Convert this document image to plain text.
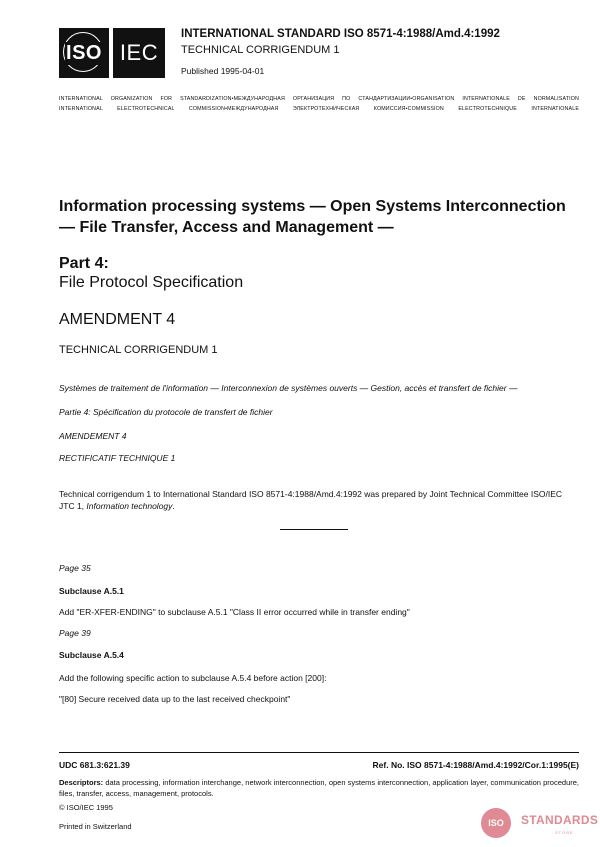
ISO IEC
INTERNATIONAL STANDARD ISO 8571-4:1988/Amd.4:1992
TECHNICAL CORRIGENDUM 1
Published 1995-04-01
INTERNATIONAL ORGANIZATION FOR STANDARDIZATION•МЕЖДУНАРОДНАЯ ОРГАНИЗАЦИЯ ПО СТАНДАРТИЗАЦИИ•ORGANISATION INTERNATIONALE DE NORMALISATION
INTERNATIONAL ELECTROTECHNICAL COMMISSION•МЕЖДУНАРОДНАЯ ЭЛЕКТРОТЕХНИЧЕСКАЯ КОМИССИЯ•COMMISSION ELECTROTECHNIQUE INTERNATIONALE
Information processing systems — Open Systems Interconnection — File Transfer, Access and Management —
Part 4:
File Protocol Specification
AMENDMENT 4
TECHNICAL CORRIGENDUM 1
Systèmes de traitement de l'information — Interconnexion de systèmes ouverts — Gestion, accès et transfert de fichier —
Partie 4: Spécification du protocole de transfert de fichier
AMENDEMENT 4
RECTIFICATIF TECHNIQUE 1
Technical corrigendum 1 to International Standard ISO 8571-4:1988/Amd.4:1992 was prepared by Joint Technical Committee ISO/IEC JTC 1, Information technology.
Page 35
Subclause A.5.1
Add "ER-XFER-ENDING" to subclause A.5.1 "Class II error occurred while in transfer ending"
Page 39
Subclause A.5.4
Add the following specific action to subclause A.5.4 before action [200]:
"[80] Secure received data up to the last received checkpoint"
UDC 681.3:621.39	Ref. No. ISO 8571-4:1988/Amd.4:1992/Cor.1:1995(E)
Descriptors: data processing, information interchange, network interconnection, open systems interconnection, application layer, communication procedure, files, transfer, access, management, protocols.
© ISO/IEC 1995
Printed in Switzerland	ISO STANDARDS
STORE
